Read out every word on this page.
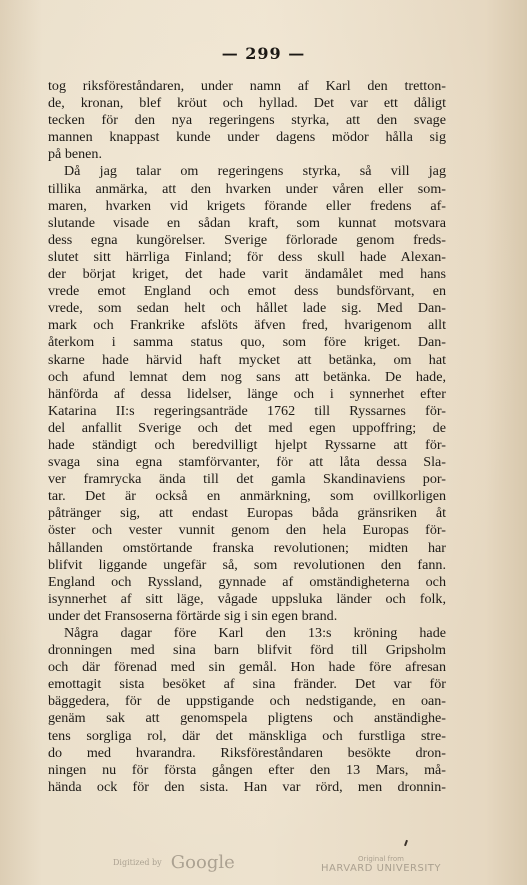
— 299 —
tog riksföreståndaren, under namn af Karl den tretton-
de, kronan, blef kröut och hyllad. Det var ett dåligt
tecken för den nya regeringens styrka, att den svage
mannen knappast kunde under dagens mödor hålla sig
på benen.
Då jag talar om regeringens styrka, så vill jag
tillika anmärka, att den hvarken under våren eller som-
maren, hvarken vid krigets förande eller fredens af-
slutande visade en sådan kraft, som kunnat motsvara
dess egna kungörelser. Sverige förlorade genom freds-
slutet sitt härrliga Finland; för dess skull hade Alexan-
der börjat kriget, det hade varit ändamålet med hans
vrede emot England och emot dess bundsförvant, en
vrede, som sedan helt och hållet lade sig. Med Dan-
mark och Frankrike afslöts äfven fred, hvarigenom allt
återkom i samma status quo, som före kriget. Dan-
skarne hade härvid haft mycket att betänka, om hat
och afund lemnat dem nog sans att betänka. De hade,
hänförda af dessa lidelser, länge och i synnerhet efter
Katarina II:s regeringsanträde 1762 till Ryssarnes för-
del anfallit Sverige och det med egen uppoffring; de
hade ständigt och beredvilligt hjelpt Ryssarne att för-
svaga sina egna stamförvanter, för att låta dessa Sla-
ver framrycka ända till det gamla Skandinaviens por-
tar. Det är också en anmärkning, som ovillkorligen
påtränger sig, att endast Europas båda gränsriken åt
öster och vester vunnit genom den hela Europas för-
hållanden omstörtande franska revolutionen; midten har
blifvit liggande ungefär så, som revolutionen den fann.
England och Ryssland, gynnade af omständigheterna och
isynnerhet af sitt läge, vågade uppsluka länder och folk,
under det Fransoserna förtärde sig i sin egen brand.
Några dagar före Karl den 13:s kröning hade
dronningen med sina barn blifvit förd till Gripsholm
och där förenad med sin gemål. Hon hade före afresan
emottagit sista besöket af sina fränder. Det var för
bäggedera, för de uppstigande och nedstigande, en oan-
genäm sak att genomspela pligtens och anständighe-
tens sorgliga rol, där det mänskliga och furstliga stre-
do med hvarandra. Riksföreståndaren besökte dron-
ningen nu för första gången efter den 13 Mars, må-
hända ock för den sista. Han var rörd, men dronnin-
Digitized by Google	Original from
HARVARD UNIVERSITY
